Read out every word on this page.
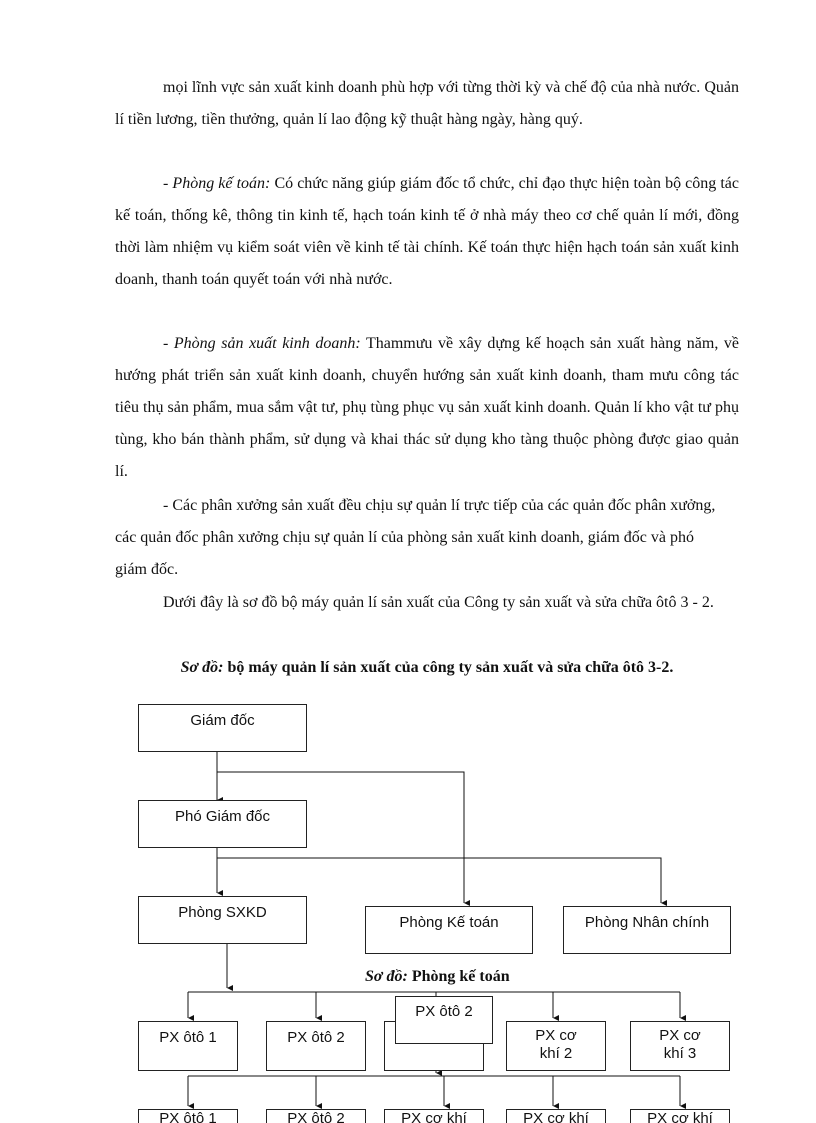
mọi lĩnh vực sản xuất kinh doanh phù hợp với từng thời kỳ và chế độ của nhà nước. Quản lí tiền lương, tiền thưởng, quản lí lao động kỹ thuật hàng ngày, hàng quý.
- Phòng kế toán: Có chức năng giúp giám đốc tổ chức, chỉ đạo thực hiện toàn bộ công tác kế toán, thống kê, thông tin kinh tế, hạch toán kinh tế ở nhà máy theo cơ chế quản lí mới, đồng thời làm nhiệm vụ kiểm soát viên về kinh tế tài chính. Kế toán thực hiện hạch toán sản xuất kinh doanh, thanh toán quyết toán với nhà nước.
- Phòng sản xuất kinh doanh: Thammưu về xây dựng kế hoạch sản xuất hàng năm, về hướng phát triển sản xuất kinh doanh, chuyển hướng sản xuất kinh doanh, tham mưu công tác tiêu thụ sản phẩm, mua sắm vật tư, phụ tùng phục vụ sản xuất kinh doanh. Quản lí kho vật tư phụ tùng, kho bán thành phẩm, sử dụng và khai thác sử dụng kho tàng thuộc phòng được giao quản lí.
- Các phân xưởng sản xuất đều chịu sự quản lí trực tiếp của các quản đốc phân xưởng, các quản đốc phân xưởng chịu sự quản lí của phòng sản xuất kinh doanh, giám đốc và phó giám đốc.
Dưới đây là sơ đồ bộ máy quản lí sản xuất của Công ty sản xuất và sửa chữa ôtô 3 - 2.
Sơ đồ: bộ máy quản lí sản xuất của công ty sản xuất và sửa chữa ôtô 3-2.
Giám đốc
Phó Giám đốc
Phòng SXKD
Phòng Kế toán	Phòng Nhân chính
Sơ đồ: Phòng kế toán
PX ôtô 1	PX ôtô 2	PX cơ khí 2
PX cơ khí 3
PX ôtô 2
PX ôtô 1	PX ôtô 2	PX cơ khí	PX cơ khí	PX cơ khí
